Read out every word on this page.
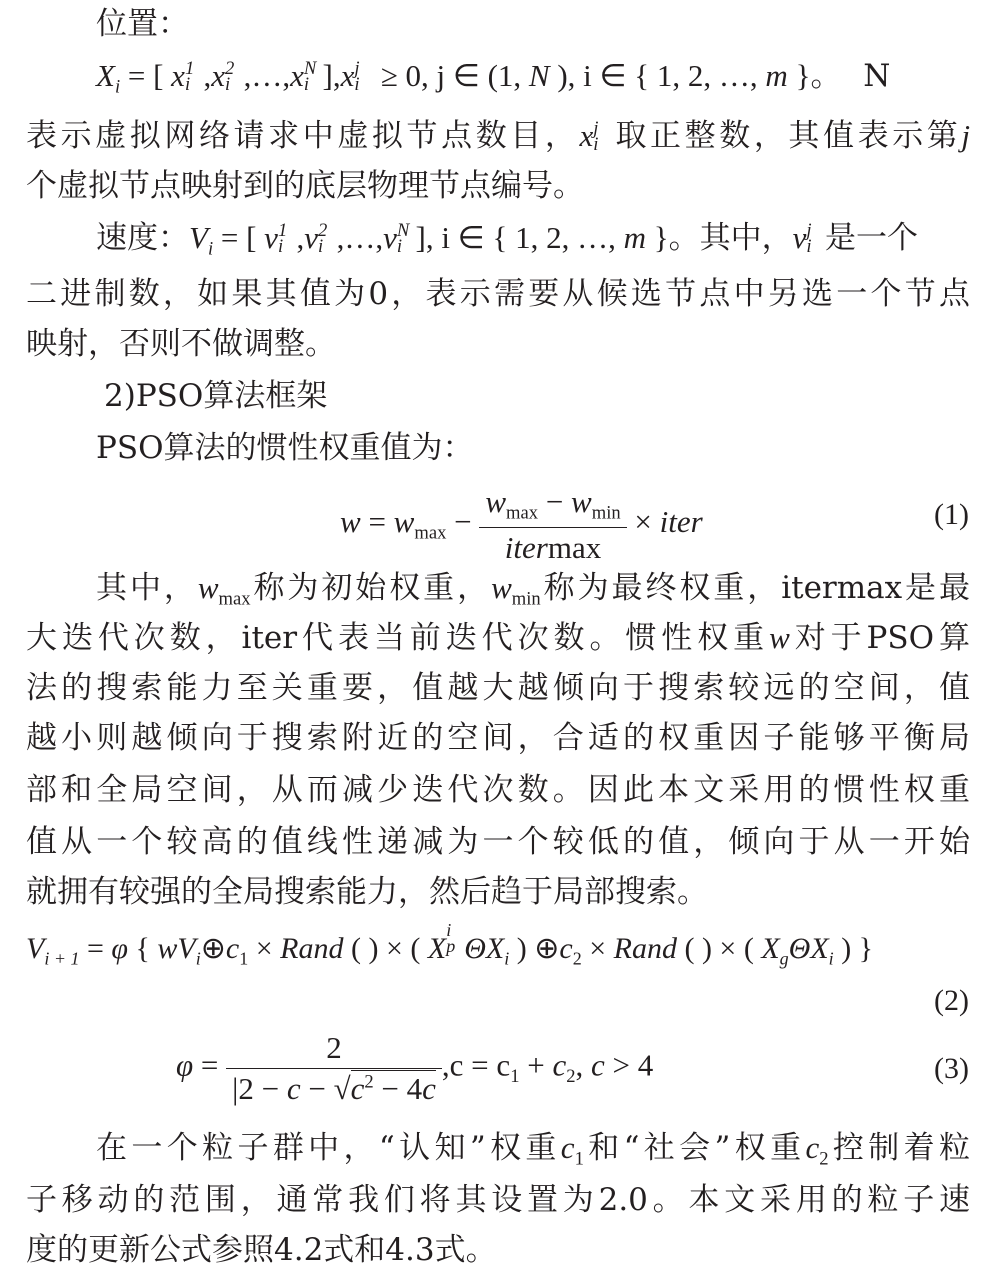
位置：
$X_i$ = [ x 1
i ,x 2
i ,…,x N
i ],x j
i ≥ 0, j ∈ (1, N ), i ∈ { 1, 2, …, m }。 N
表示虚拟网络请求中虚拟节点数目，x j
i 取正整数，其值表示第j
个虚拟节点映射到的底层物理节点编号。
速度：$V_i$ = [ v 1
i ,v 2
i ,…,v N
i ], i ∈ { 1, 2, …, m }。其中，v j
i 是一个
二进制数，如果其值为0，表示需要从候选节点中另选一个节点
映射，否则不做调整。
2)PSO算法框架
PSO算法的惯性权重值为：
$w = w_{max} - \frac{w_{max} - w_{min}}{\text{itermax}}$ × iter	(1)
其中，$w_{max}$称为初始权重，$w_{min}$称为最终权重，itermax是最
大迭代次数，iter代表当前迭代次数。惯性权重w对于PSO算
法的搜索能力至关重要，值越大越倾向于搜索较远的空间，值
越小则越倾向于搜索附近的空间，合适的权重因子能够平衡局
部和全局空间，从而减少迭代次数。因此本文采用的惯性权重
值从一个较高的值线性递减为一个较低的值，倾向于从一开始
就拥有较强的全局搜索能力，然后趋于局部搜索。
$V_{i + 1} = \varphi$ { $wV_i\oplus c_1$ × Rand ( ) × ( X
i
p $\Theta X_i$ ) $\oplus c_2$ × Rand ( ) × ( $X_g\Theta X_i$ ) }
(2)
$\varphi = \frac{2}{|2 - c - √c^2 - 4c} ,c = c_1 + c_2$, c > 4	(3)
在一个粒子群中，“认知”权重$c_1$和“社会”权重$c_2$控制着粒
子移动的范围，通常我们将其设置为2.0。本文采用的粒子速
度的更新公式参照4.2式和4.3式。
